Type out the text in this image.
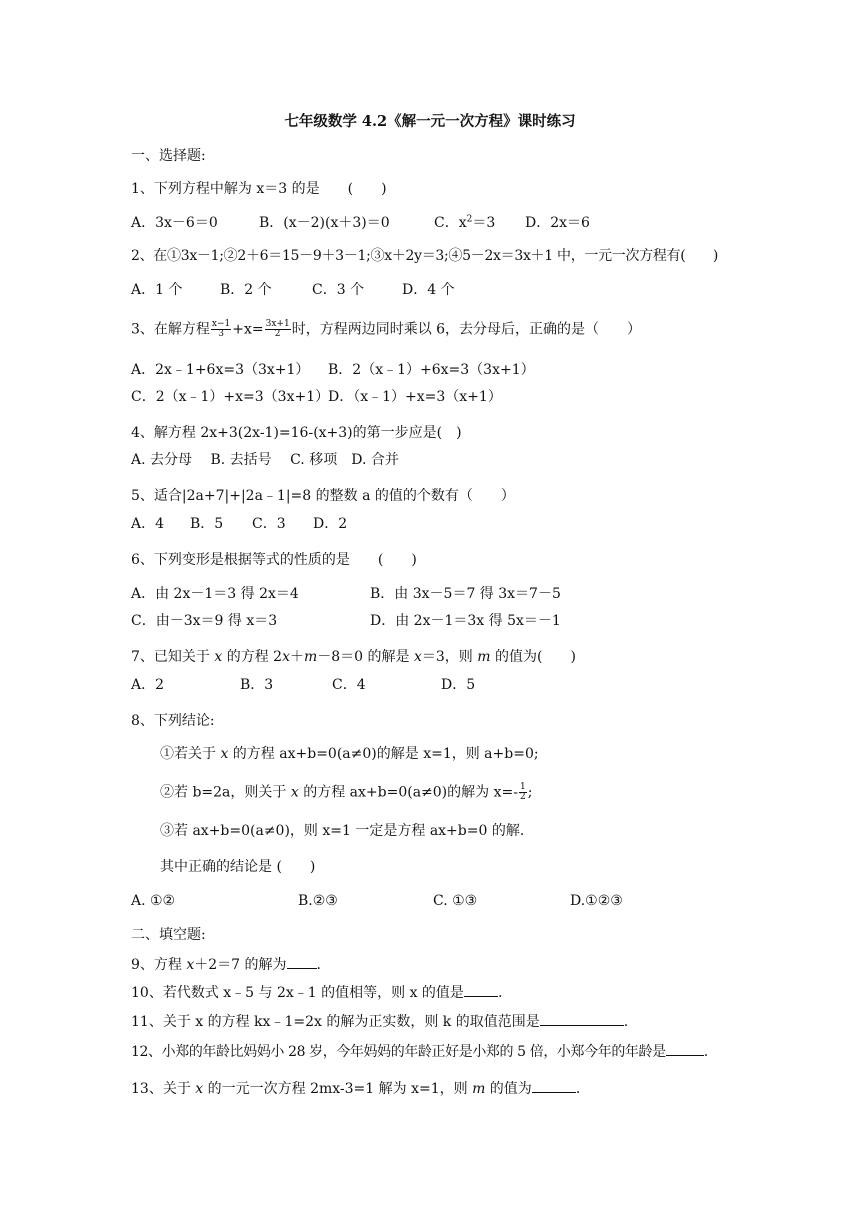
七年级数学 4.2《解一元一次方程》课时练习
一、选择题:
1、下列方程中解为 x＝3 的是　　(　　)
A．3x－6＝0	B．(x－2)(x＋3)＝0	C．$x^2=3$ D．2x＝6
2、在①3x－1;②2＋6＝15－9＋3－1;③x＋2y＝3;④5－2x＝3x＋1 中，一元一次方程有(　　)
A．1 个	B．2 个	C．3 个	D．4 个
3、在解方程 $\frac{x-1}{3} +x= \frac{3x+1}{2}$ 时，方程两边同时乘以 6，去分母后，正确的是（　　）
A．2x﹣1+6x=3（3x+1） B．2（x﹣1）+6x=3（3x+1）
C．2（x﹣1）+x=3（3x+1）
D．（x﹣1）+x=3（x+1）
4、解方程 2x+3(2x-1)=16-(x+3)的第一步应是(　)
A. 去分母　 B. 去括号　 C. 移项　D. 合并
5、适合|2a+7|+|2a﹣1|=8 的整数 a 的值的个数有（　　）
A．4 B．5 C．3 D．2
6、下列变形是根据等式的性质的是　　(　　)
A．由 2x－1＝3 得 2x＝4	B．由 3x－5＝7 得 3x＝7－5
C．由－3x＝9 得 x＝3	D．由 2x－1＝3x 得 5x＝－1
7、已知关于 x 的方程 2x＋m－8＝0 的解是 x＝3，则 m 的值为(　　)
A．2	B．3	C．4	D．5
8、下列结论:
①若关于 x 的方程 ax+b=0(a≠0)的解是 x=1，则 a+b=0;
②若 b=2a，则关于 x 的方程 ax+b=0(a≠0)的解为 $x=- \frac{1}{2}$ ;
③若 ax+b=0(a≠0)，则 x=1 一定是方程 ax+b=0 的解.
其中正确的结论是 (　　)
A. ①②	B.②③	C. ①③	D.①②③
二、填空题:
9、方程 x＋2＝7 的解为 .
10、若代数式 x﹣5 与 2x﹣1 的值相等，则 x 的值是 .
11、关于 x 的方程 kx﹣1=2x 的解为正实数，则 k 的取值范围是	.
12、小郑的年龄比妈妈小 28 岁，今年妈妈的年龄正好是小郑的 5 倍，小郑今年的年龄是	.
13、关于 x 的一元一次方程 2mx-3=1 解为 x=1，则 m 的值为	.
